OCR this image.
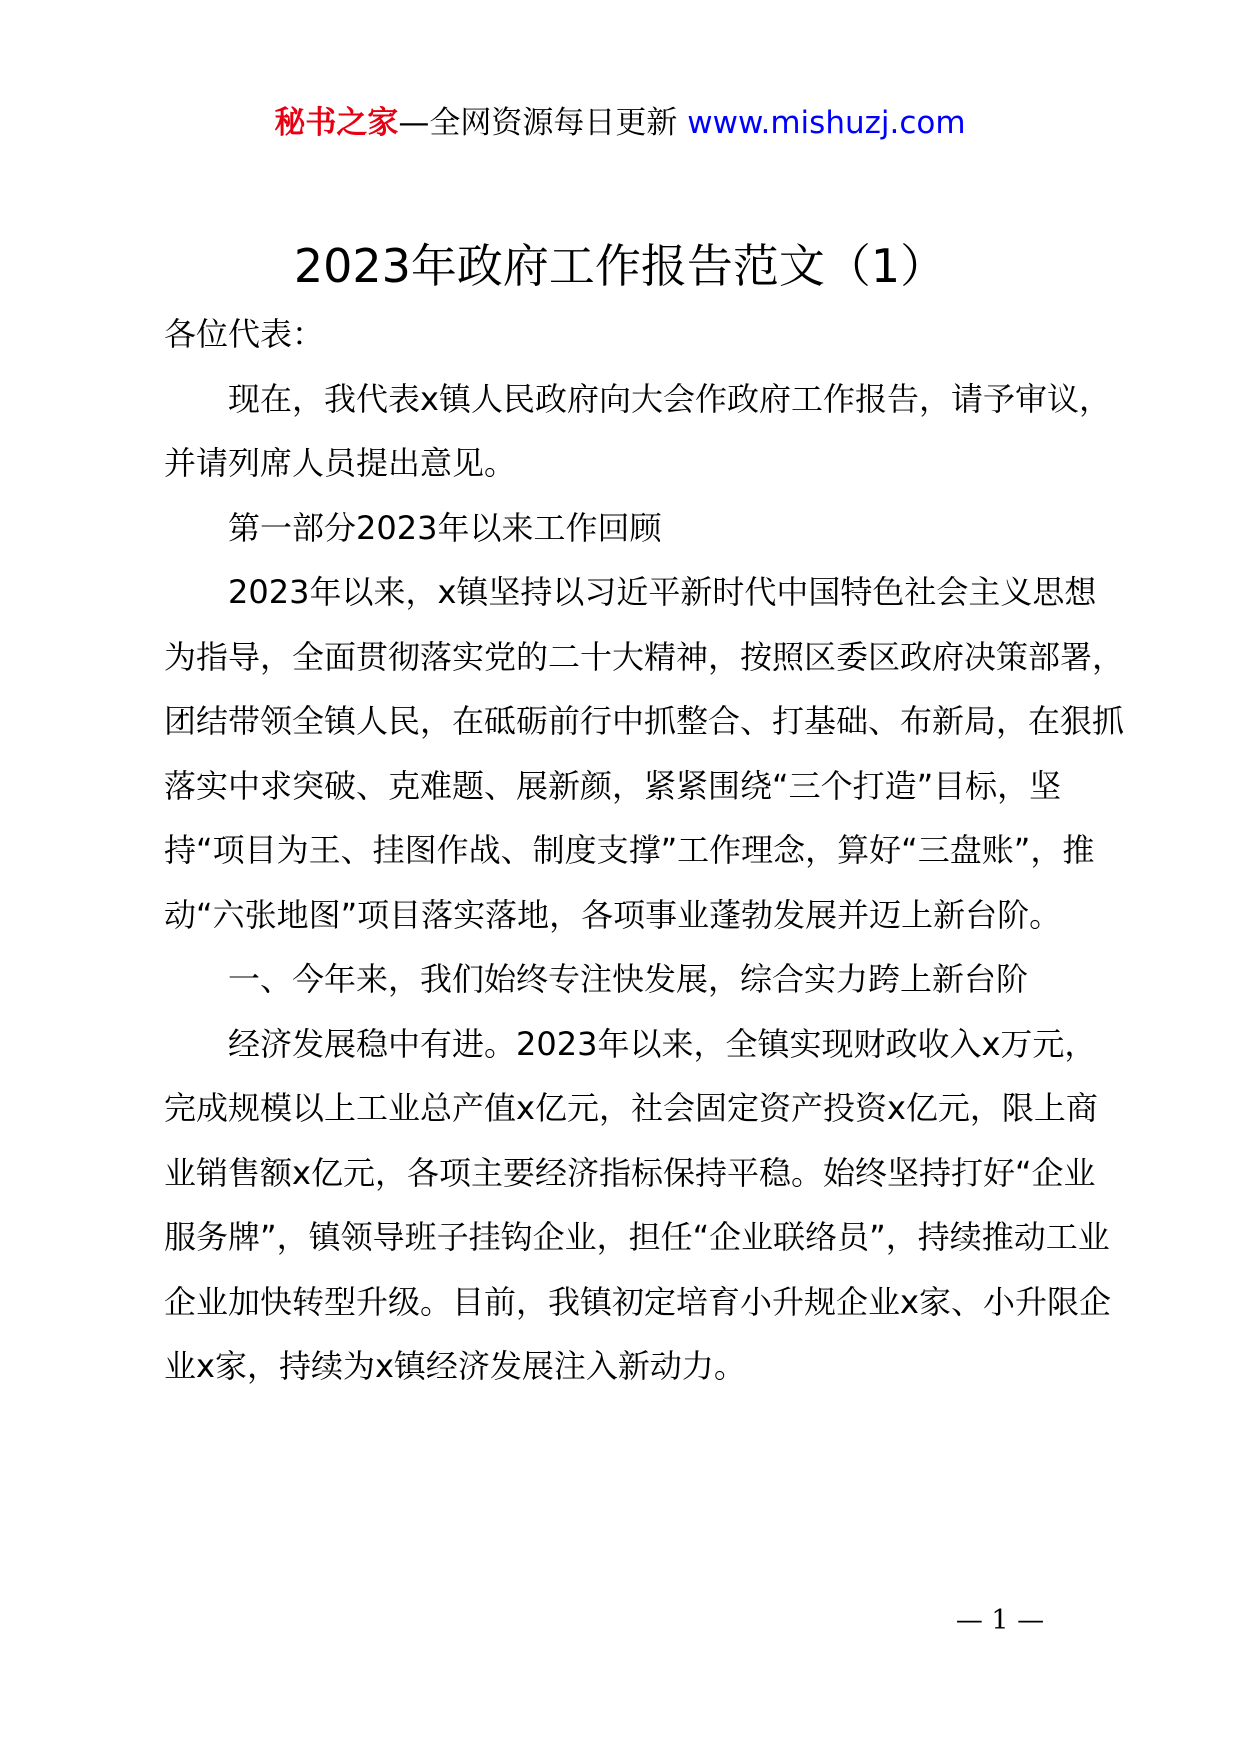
秘书之家—全网资源每日更新 www.mishuzj.com
2023年政府工作报告范文（1）

各位代表：

现在，我代表x镇人民政府向大会作政府工作报告，请予审议，并请列席人员提出意见。

第一部分2023年以来工作回顾

2023年以来，x镇坚持以习近平新时代中国特色社会主义思想为指导，全面贯彻落实党的二十大精神，按照区委区政府决策部署，团结带领全镇人民，在砥砺前行中抓整合、打基础、布新局，在狠抓落实中求突破、克难题、展新颜，紧紧围绕“三个打造”目标，坚持“项目为王、挂图作战、制度支撑”工作理念，算好“三盘账”，推动“六张地图”项目落实落地，各项事业蓬勃发展并迈上新台阶。

一、今年来，我们始终专注快发展，综合实力跨上新台阶

经济发展稳中有进。2023年以来，全镇实现财政收入x万元，完成规模以上工业总产值x亿元，社会固定资产投资x亿元，限上商业销售额x亿元，各项主要经济指标保持平稳。始终坚持打好“企业服务牌”，镇领导班子挂钩企业，担任“企业联络员”，持续推动工业企业加快转型升级。目前，我镇初定培育小升规企业x家、小升限企业x家，持续为x镇经济发展注入新动力。

— 1 —
